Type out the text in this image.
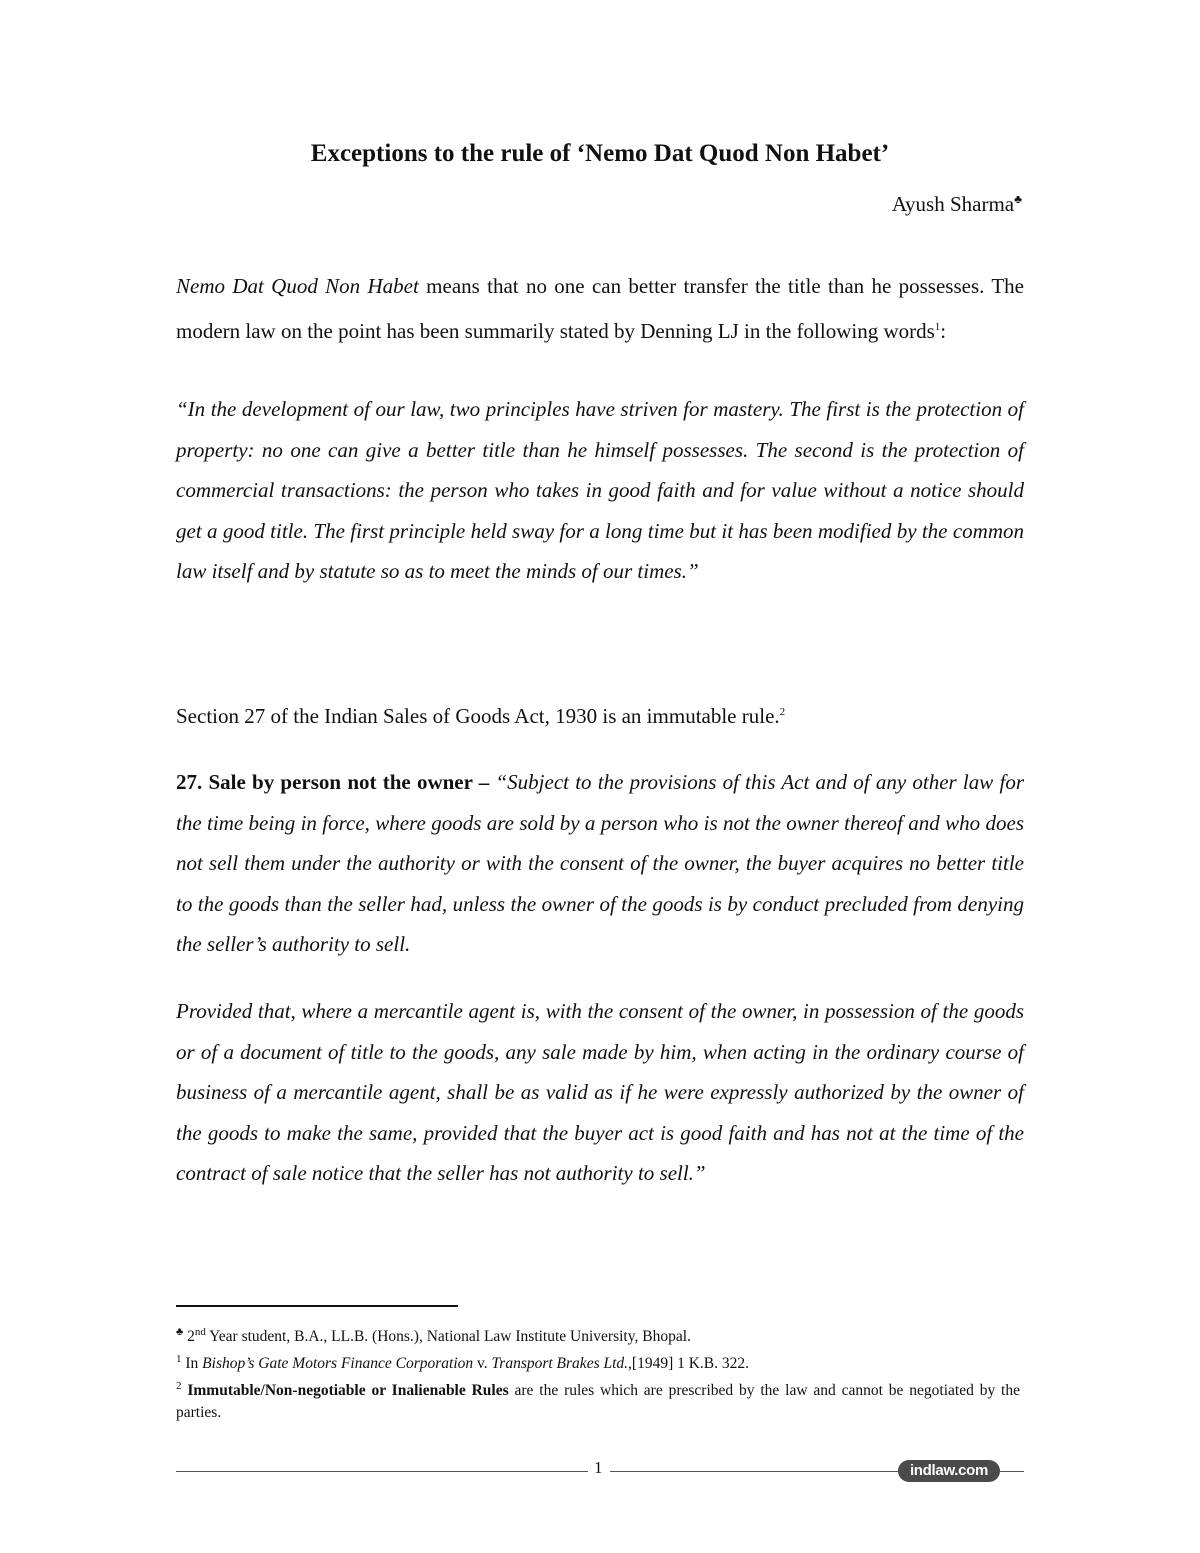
Exceptions to the rule of ‘Nemo Dat Quod Non Habet’
Ayush Sharma♣

Nemo Dat Quod Non Habet means that no one can better transfer the title than he possesses. The modern law on the point has been summarily stated by Denning LJ in the following words$^1$:

“In the development of our law, two principles have striven for mastery. The first is the protection of property: no one can give a better title than he himself possesses. The second is the protection of commercial transactions: the person who takes in good faith and for value without a notice should get a good title. The first principle held sway for a long time but it has been modified by the common law itself and by statute so as to meet the minds of our times.”

Section 27 of the Indian Sales of Goods Act, 1930 is an immutable rule.$^2$

27. Sale by person not the owner – “Subject to the provisions of this Act and of any other law for the time being in force, where goods are sold by a person who is not the owner thereof and who does not sell them under the authority or with the consent of the owner, the buyer acquires no better title to the goods than the seller had, unless the owner of the goods is by conduct precluded from denying the seller’s authority to sell.

Provided that, where a mercantile agent is, with the consent of the owner, in possession of the goods or of a document of title to the goods, any sale made by him, when acting in the ordinary course of business of a mercantile agent, shall be as valid as if he were expressly authorized by the owner of the goods to make the same, provided that the buyer act is good faith and has not at the time of the contract of sale notice that the seller has not authority to sell.”

♣ 2nd Year student, B.A., LL.B. (Hons.), National Law Institute University, Bhopal.

$^1$ In Bishop’s Gate Motors Finance Corporation v. Transport Brakes Ltd.,[1949] 1 K.B. 322.

$^2$ Immutable/Non-negotiable or Inalienable Rules are the rules which are prescribed by the law and cannot be negotiated by the parties.

1	indlaw.com
